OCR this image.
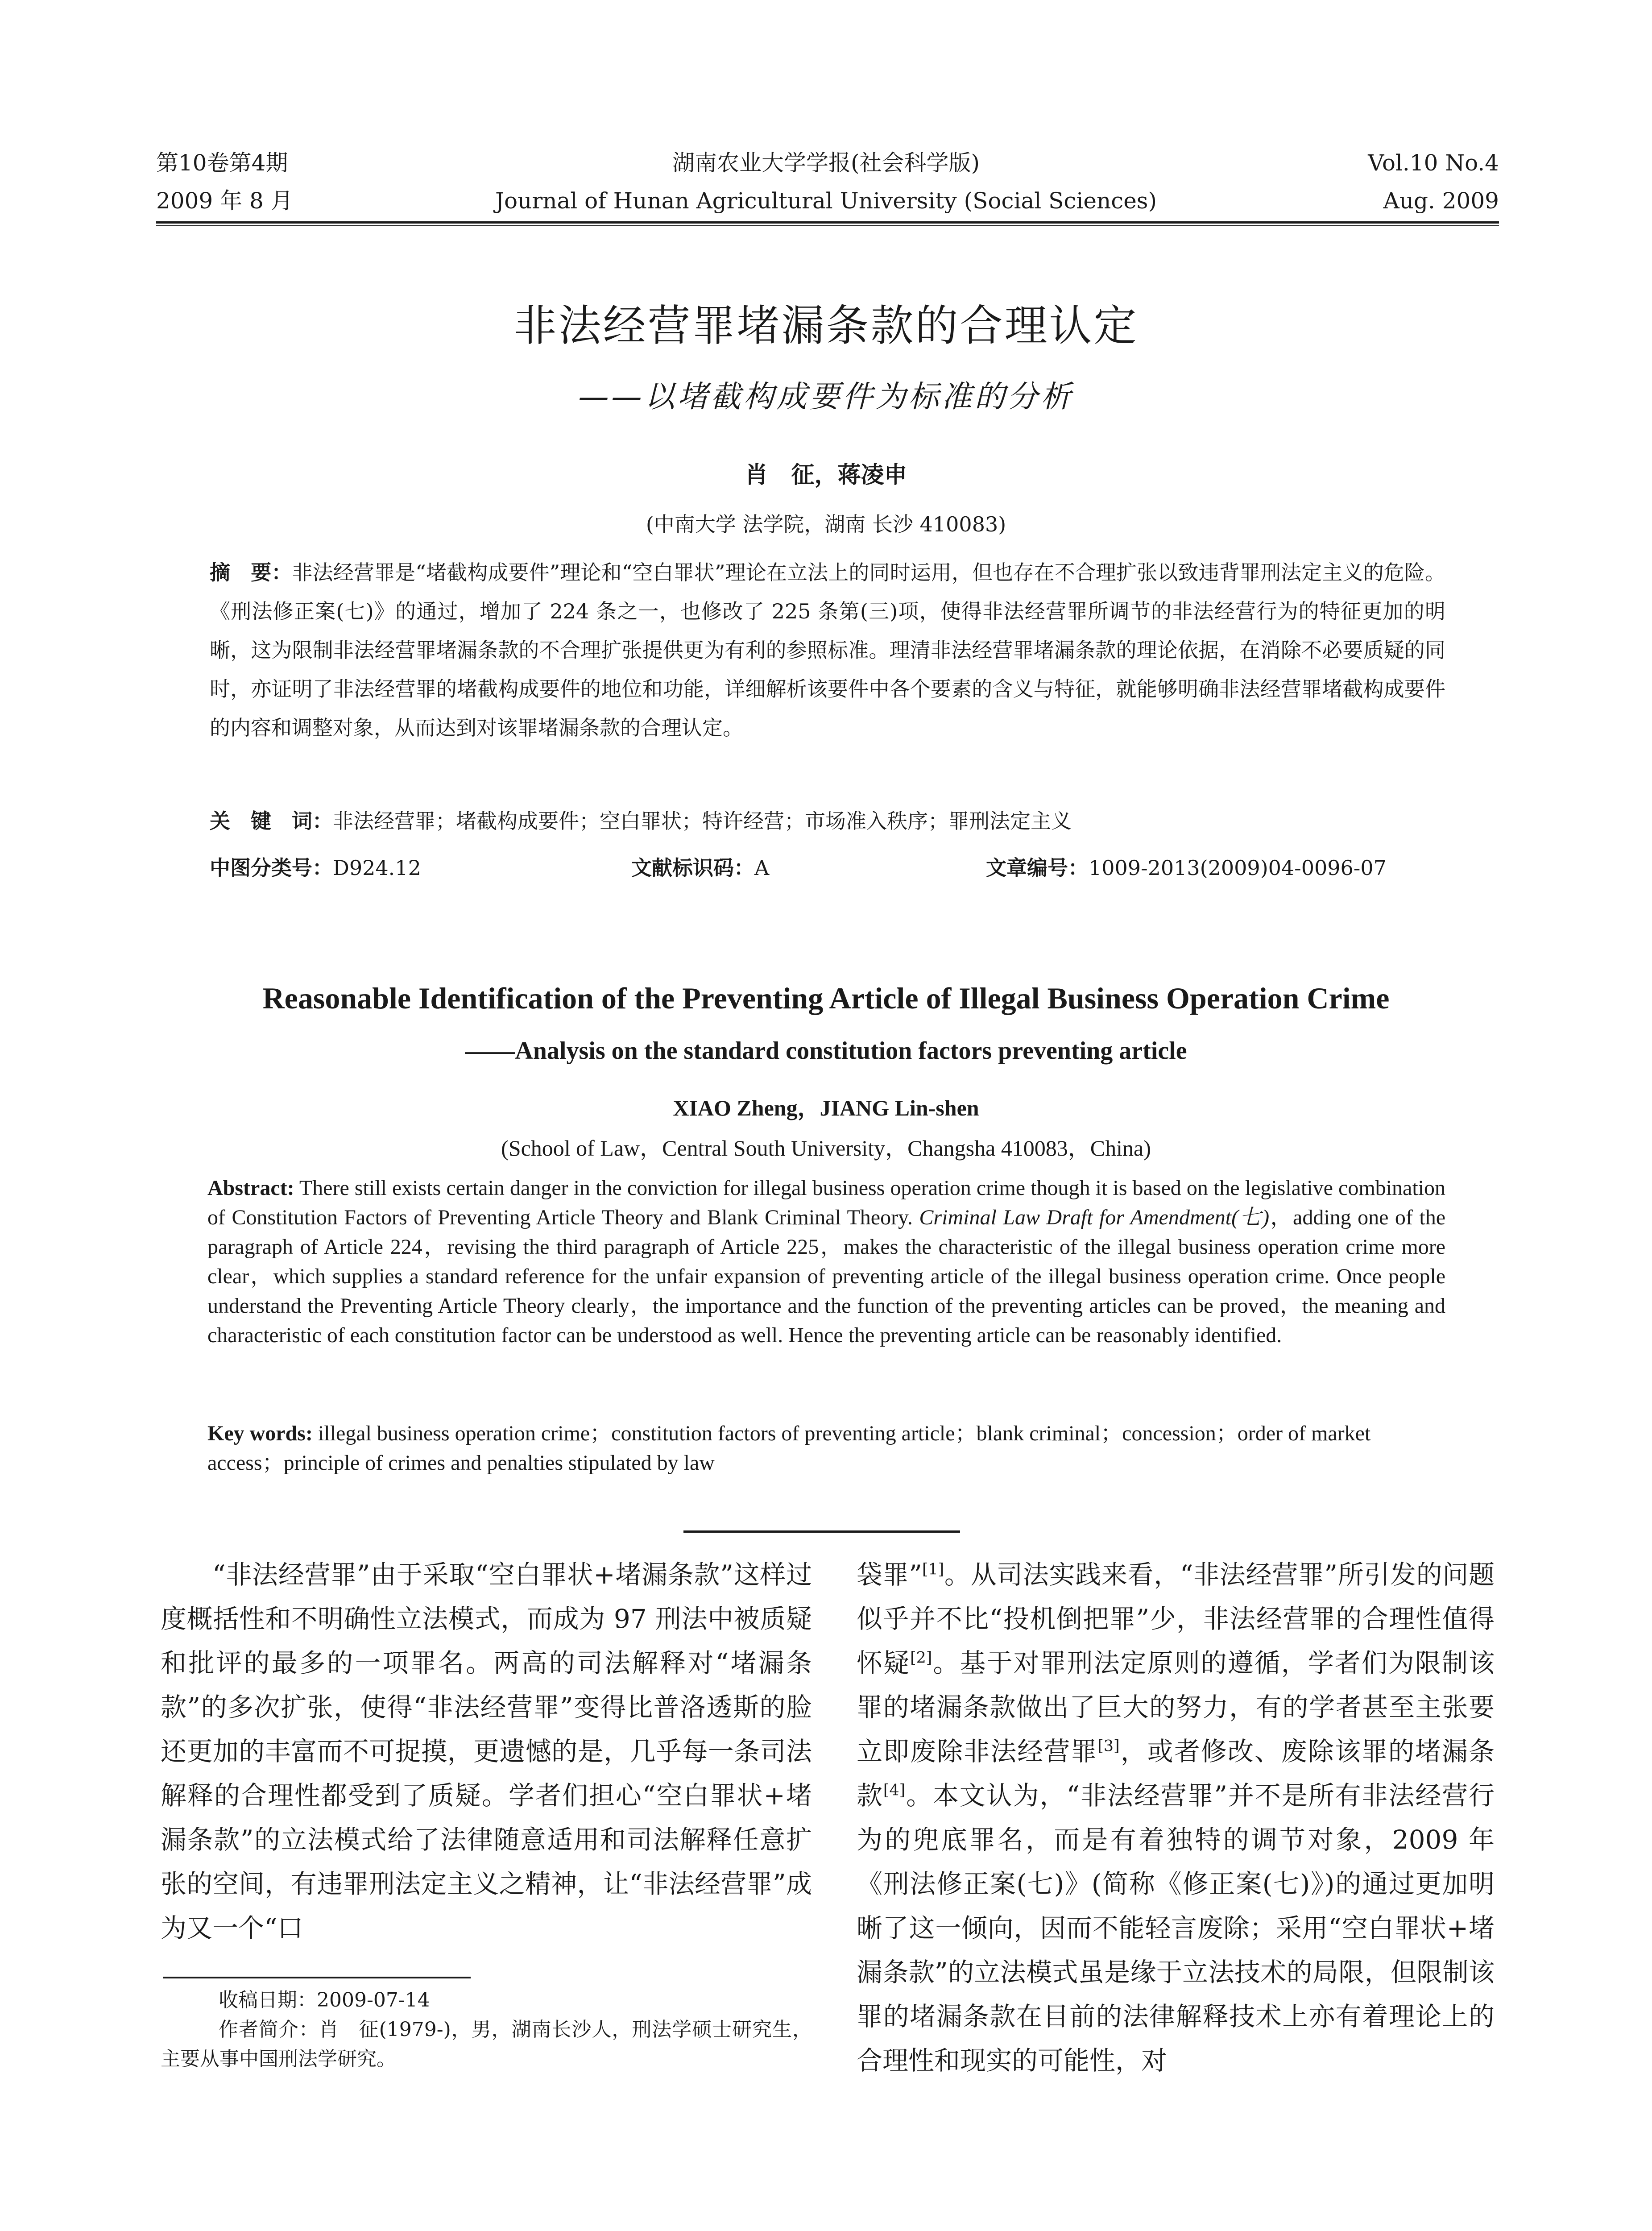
第10卷第4期
2009 年 8 月
湖南农业大学学报(社会科学版)
Journal of Hunan Agricultural University (Social Sciences)
Vol.10 No.4
Aug. 2009
非法经营罪堵漏条款的合理认定
——以堵截构成要件为标准的分析
肖　征，蒋凌申
(中南大学 法学院，湖南 长沙 410083)
摘　要：非法经营罪是“堵截构成要件”理论和“空白罪状”理论在立法上的同时运用，但也存在不合理扩张以致违背罪刑法定主义的危险。《刑法修正案(七)》的通过，增加了 224 条之一，也修改了 225 条第(三)项，使得非法经营罪所调节的非法经营行为的特征更加的明晰，这为限制非法经营罪堵漏条款的不合理扩张提供更为有利的参照标准。理清非法经营罪堵漏条款的理论依据，在消除不必要质疑的同时，亦证明了非法经营罪的堵截构成要件的地位和功能，详细解析该要件中各个要素的含义与特征，就能够明确非法经营罪堵截构成要件的内容和调整对象，从而达到对该罪堵漏条款的合理认定。
关　键　词：非法经营罪；堵截构成要件；空白罪状；特许经营；市场准入秩序；罪刑法定主义
中图分类号：D924.12	文献标识码：A	文章编号：1009-2013(2009)04-0096-07
Reasonable Identification of the Preventing Article of Illegal Business Operation Crime
——Analysis on the standard constitution factors preventing article
XIAO Zheng，JIANG Lin-shen
(School of Law，Central South University，Changsha 410083，China)
Abstract: There still exists certain danger in the conviction for illegal business operation crime though it is based on the legislative combination of Constitution Factors of Preventing Article Theory and Blank Criminal Theory. Criminal Law Draft for Amendment(七)，adding one of the paragraph of Article 224，revising the third paragraph of Article 225，makes the characteristic of the illegal business operation crime more clear，which supplies a standard reference for the unfair expansion of preventing article of the illegal business operation crime. Once people understand the Preventing Article Theory clearly，the importance and the function of the preventing articles can be proved，the meaning and characteristic of each constitution factor can be understood as well. Hence the preventing article can be reasonably identified.
Key words: illegal business operation crime；constitution factors of preventing article；blank criminal；concession；order of market access；principle of crimes and penalties stipulated by law

“非法经营罪”由于采取“空白罪状+堵漏条款”这样过度概括性和不明确性立法模式，而成为 97 刑法中被质疑和批评的最多的一项罪名。两高的司法解释对“堵漏条款”的多次扩张，使得“非法经营罪”变得比普洛透斯的脸还更加的丰富而不可捉摸，更遗憾的是，几乎每一条司法解释的合理性都受到了质疑。学者们担心“空白罪状+堵漏条款”的立法模式给了法律随意适用和司法解释任意扩张的空间，有违罪刑法定主义之精神，让“非法经营罪”成为又一个“口

收稿日期：2009-07-14
作者简介：肖　征(1979-)，男，湖南长沙人，刑法学硕士研究生，主要从事中国刑法学研究。

袋罪”[1]。从司法实践来看，“非法经营罪”所引发的问题似乎并不比“投机倒把罪”少，非法经营罪的合理性值得怀疑[2]。基于对罪刑法定原则的遵循，学者们为限制该罪的堵漏条款做出了巨大的努力，有的学者甚至主张要立即废除非法经营罪[3]，或者修改、废除该罪的堵漏条款[4]。本文认为，“非法经营罪”并不是所有非法经营行为的兜底罪名，而是有着独特的调节对象，2009 年《刑法修正案(七)》(简称《修正案(七)》)的通过更加明晰了这一倾向，因而不能轻言废除；采用“空白罪状+堵漏条款”的立法模式虽是缘于立法技术的局限，但限制该罪的堵漏条款在目前的法律解释技术上亦有着理论上的合理性和现实的可能性，对
